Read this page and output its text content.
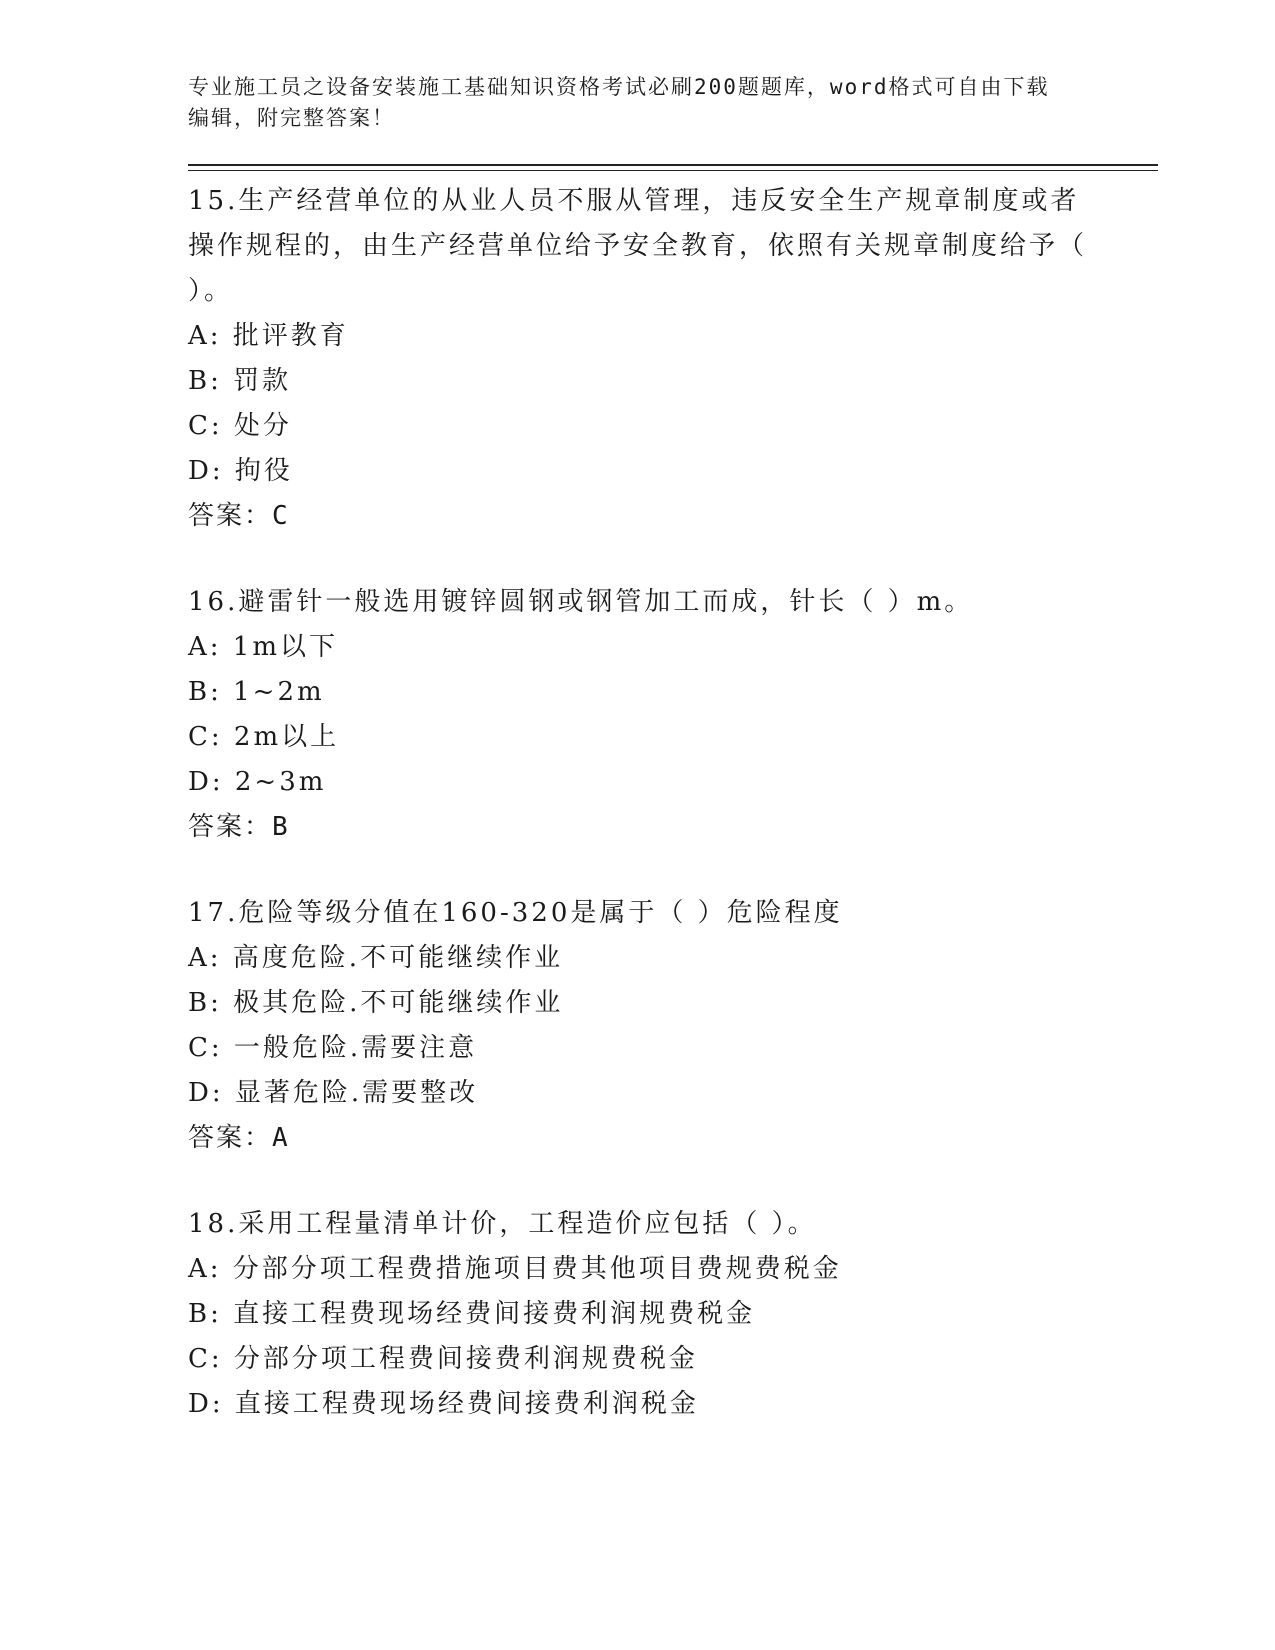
专业施工员之设备安装施工基础知识资格考试必刷200题题库，word格式可自由下载编辑，附完整答案！

15.生产经营单位的从业人员不服从管理，违反安全生产规章制度或者操作规程的，由生产经营单位给予安全教育，依照有关规章制度给予（ ）。

A: 批评教育
B: 罚款
C: 处分
D: 拘役
答案：C

16.避雷针一般选用镀锌圆钢或钢管加工而成，针长（ ）m。

A: 1m以下
B: 1~2m
C: 2m以上
D: 2~3m
答案：B

17.危险等级分值在160-320是属于（ ）危险程度

A: 高度危险.不可能继续作业
B: 极其危险.不可能继续作业
C: 一般危险.需要注意
D: 显著危险.需要整改
答案：A

18.采用工程量清单计价，工程造价应包括（ ）。

A: 分部分项工程费措施项目费其他项目费规费税金
B: 直接工程费现场经费间接费利润规费税金
C: 分部分项工程费间接费利润规费税金
D: 直接工程费现场经费间接费利润税金
